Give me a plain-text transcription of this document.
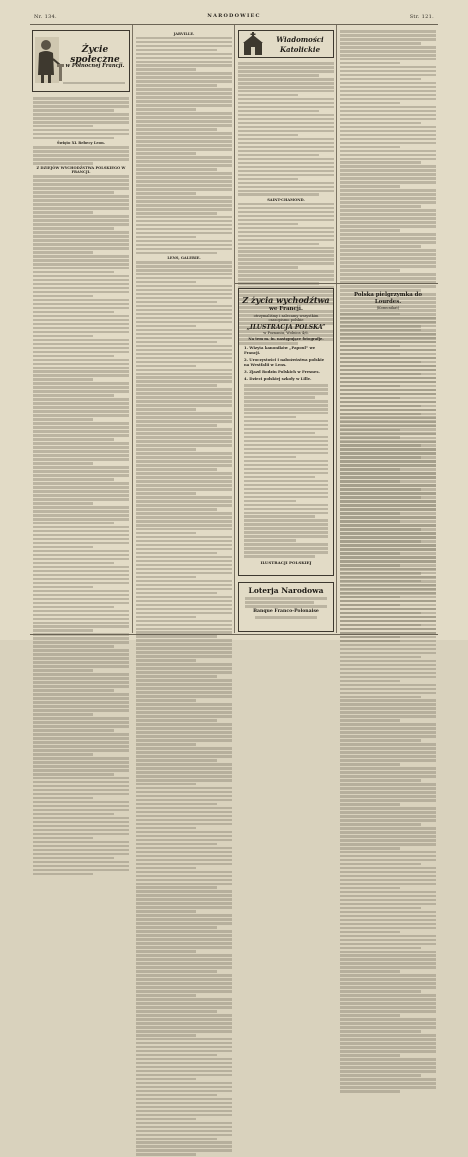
Nr. 134.	NARODOWIEC	Str. 121.
Życie społeczne
w Północnej Francji.
Święto XL Rebecy Leon.
Z DZIEJÓW WYCHODŹSTWA POLSKIEGO W FRANCJI.
JARVILLE.
LENS, GALERIE.
Wiadomości
Katolickie
SAINT-CHAMOND.
Z życia wychodźtwa
we Francji.
otrzymaliśmy i zalecamy wszystkim
czasopismo polskie
„ILUSTRACJA POLSKA”
w Poznaniu, Wolnica 4/6.
Na tem m. in. następujące fotografje.
1. Wizyta kanoników „Papoul” we Francji.
2. Uroczystości i nabożeństwa polskie na Westfalii w Lens.
3. Zjazd Rodzin Polskich w Fresnes.
4. Dzieci polskiej szkoły w Lille.
ILUSTRACJI POLSKIEJ
Polska pielgrzymka do Lourdes.
(Komunikat)
Loterja Narodowa
Banque Franco-Polonaise
